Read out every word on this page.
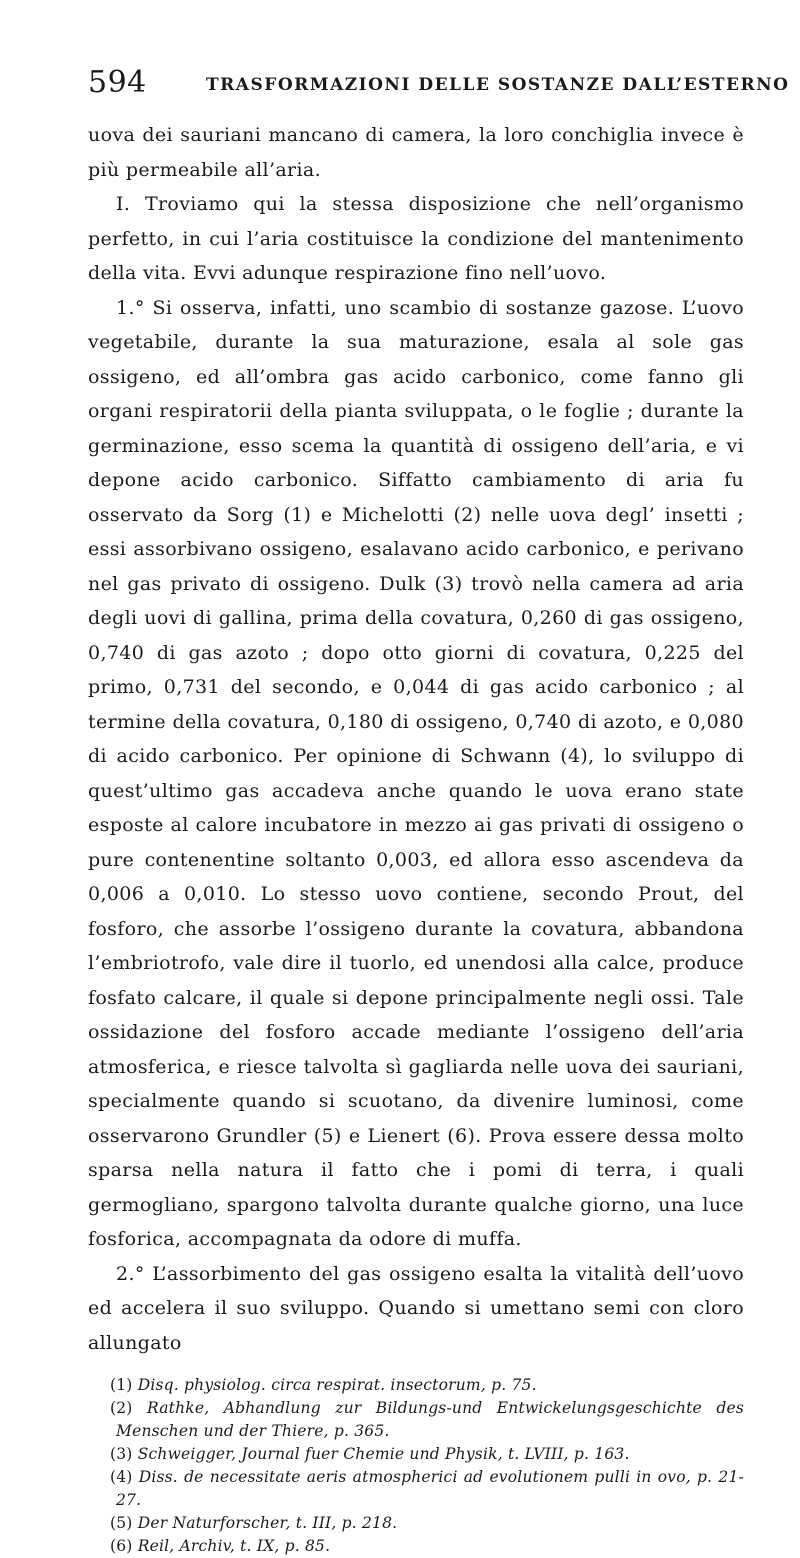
594	TRASFORMAZIONI DELLE SOSTANZE DALL’ESTERNO

uova dei sauriani mancano di camera, la loro conchiglia invece è più permeabile all’aria.

I. Troviamo qui la stessa disposizione che nell’organismo perfetto, in cui l’aria costituisce la condizione del mantenimento della vita. Evvi adunque respirazione fino nell’uovo.

1.° Si osserva, infatti, uno scambio di sostanze gazose. L’uovo vegetabile, durante la sua maturazione, esala al sole gas ossigeno, ed all’ombra gas acido carbonico, come fanno gli organi respiratorii della pianta sviluppata, o le foglie ; durante la germinazione, esso scema la quantità di ossigeno dell’aria, e vi depone acido carbonico. Siffatto cambiamento di aria fu osservato da Sorg (1) e Michelotti (2) nelle uova degl’ insetti ; essi assorbivano ossigeno, esalavano acido carbonico, e perivano nel gas privato di ossigeno. Dulk (3) trovò nella camera ad aria degli uovi di gallina, prima della covatura, 0,260 di gas ossigeno, 0,740 di gas azoto ; dopo otto giorni di covatura, 0,225 del primo, 0,731 del secondo, e 0,044 di gas acido carbonico ; al termine della covatura, 0,180 di ossigeno, 0,740 di azoto, e 0,080 di acido carbonico. Per opinione di Schwann (4), lo sviluppo di quest’ultimo gas accadeva anche quando le uova erano state esposte al calore incubatore in mezzo ai gas privati di ossigeno o pure contenentine soltanto 0,003, ed allora esso ascendeva da 0,006 a 0,010. Lo stesso uovo contiene, secondo Prout, del fosforo, che assorbe l’ossigeno durante la covatura, abbandona l’embriotrofo, vale dire il tuorlo, ed unendosi alla calce, produce fosfato calcare, il quale si depone principalmente negli ossi. Tale ossidazione del fosforo accade mediante l’ossigeno dell’aria atmosferica, e riesce talvolta sì gagliarda nelle uova dei sauriani, specialmente quando si scuotano, da divenire luminosi, come osservarono Grundler (5) e Lienert (6). Prova essere dessa molto sparsa nella natura il fatto che i pomi di terra, i quali germogliano, spargono talvolta durante qualche giorno, una luce fosforica, accompagnata da odore di muffa.

2.° L’assorbimento del gas ossigeno esalta la vitalità dell’uovo ed accelera il suo sviluppo. Quando si umettano semi con cloro allungato

(1) Disq. physiolog. circa respirat. insectorum, p. 75.

(2) Rathke, Abhandlung zur Bildungs-und Entwickelungsgeschichte des Menschen und der Thiere, p. 365.

(3) Schweigger, Journal fuer Chemie und Physik, t. LVIII, p. 163.

(4) Diss. de necessitate aeris atmospherici ad evolutionem pulli in ovo, p. 21-27.

(5) Der Naturforscher, t. III, p. 218.

(6) Reil, Archiv, t. IX, p. 85.
